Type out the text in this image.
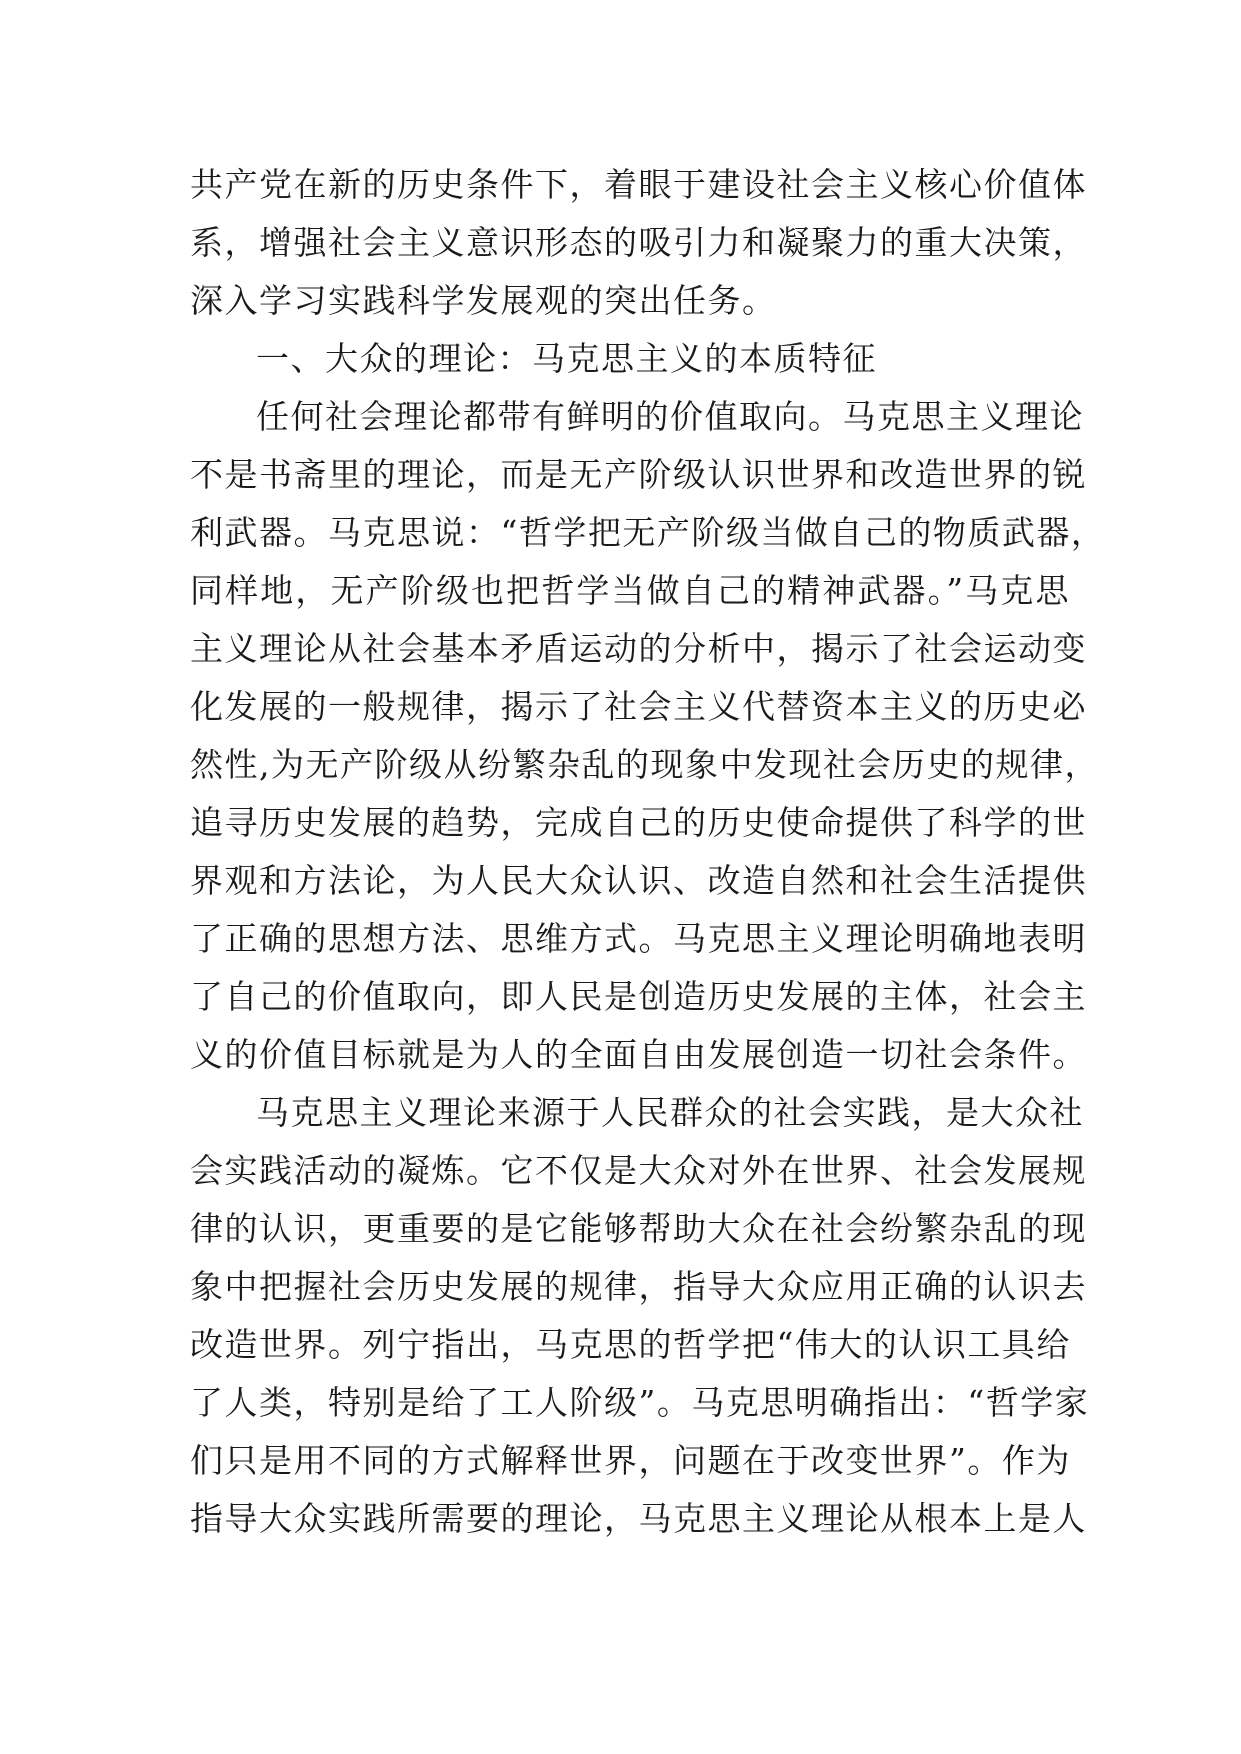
共产党在新的历史条件下，着眼于建设社会主义核心价值体
系，增强社会主义意识形态的吸引力和凝聚力的重大决策，
深入学习实践科学发展观的突出任务。
一、大众的理论：马克思主义的本质特征
任何社会理论都带有鲜明的价值取向。马克思主义理论
不是书斋里的理论，而是无产阶级认识世界和改造世界的锐
利武器。马克思说：“哲学把无产阶级当做自己的物质武器，
同样地，无产阶级也把哲学当做自己的精神武器。”马克思
主义理论从社会基本矛盾运动的分析中，揭示了社会运动变
化发展的一般规律，揭示了社会主义代替资本主义的历史必
然性,为无产阶级从纷繁杂乱的现象中发现社会历史的规律，
追寻历史发展的趋势，完成自己的历史使命提供了科学的世
界观和方法论，为人民大众认识、改造自然和社会生活提供
了正确的思想方法、思维方式。马克思主义理论明确地表明
了自己的价值取向，即人民是创造历史发展的主体，社会主
义的价值目标就是为人的全面自由发展创造一切社会条件。
马克思主义理论来源于人民群众的社会实践，是大众社
会实践活动的凝炼。它不仅是大众对外在世界、社会发展规
律的认识，更重要的是它能够帮助大众在社会纷繁杂乱的现
象中把握社会历史发展的规律，指导大众应用正确的认识去
改造世界。列宁指出，马克思的哲学把“伟大的认识工具给
了人类，特别是给了工人阶级”。马克思明确指出：“哲学家
们只是用不同的方式解释世界，问题在于改变世界”。作为
指导大众实践所需要的理论，马克思主义理论从根本上是人
